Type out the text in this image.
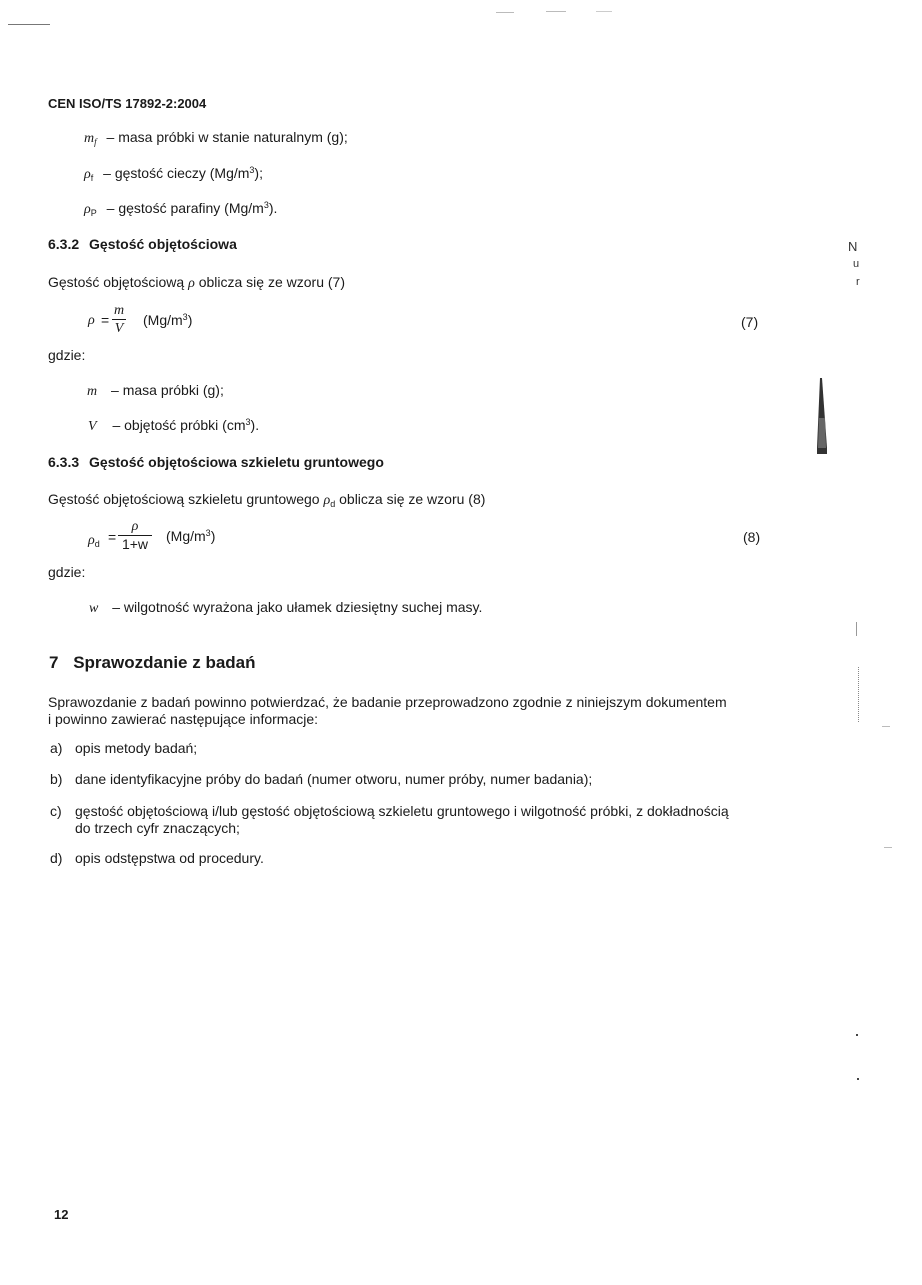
CEN ISO/TS 17892-2:2004
$m_f$ – masa próbki w stanie naturalnym (g);
$\rho_f$ – gęstość cieczy $(Mg/m^3)$;
$\rho_P$ – gęstość parafiny $(Mg/m^3)$.
6.3.2 Gęstość objętościowa
Gęstość objętościową ρ oblicza się ze wzoru (7)
ρ =
m
V
$(Mg/m^3)$	(7)
gdzie:
m – masa próbki (g);
V – objętość próbki $(cm^3)$.
6.3.3 Gęstość objętościowa szkieletu gruntowego
Gęstość objętościową szkieletu gruntowego $\rho_d$ oblicza się ze wzoru (8)
$\rho_d$ =
ρ
1+w $(Mg/m^3)$	(8)
gdzie:
w – wilgotność wyrażona jako ułamek dziesiętny suchej masy.
7 Sprawozdanie z badań
Sprawozdanie z badań powinno potwierdzać, że badanie przeprowadzono zgodnie z niniejszym dokumentem
i powinno zawierać następujące informacje:
a) opis metody badań;
b) dane identyfikacyjne próby do badań (numer otworu, numer próby, numer badania);
c) gęstość objętościową i/lub gęstość objętościową szkieletu gruntowego i wilgotność próbki, z dokładnością
do trzech cyfr znaczących;
d) opis odstępstwa od procedury.
12
N
u
r
